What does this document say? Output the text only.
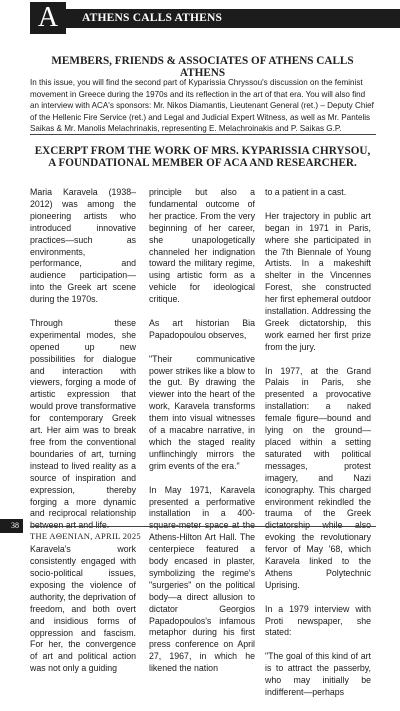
A	ATHENS CALLS ATHENS
MEMBERS, FRIENDS & ASSOCIATES OF ATHENS CALLS ATHENS
In this issue, you will find the second part of Kyparissia Chryssou's discussion on the feminist movement in Greece during the 1970s and its reflection in the art of that era. You will also find an interview with ACA's sponsors: Mr. Nikos Diamantis, Lieutenant General (ret.) – Deputy Chief of the Hellenic Fire Service (ret.) and Legal and Judicial Expert Witness, as well as Mr. Pantelis Saikas & Mr. Manolis Melachrinakis, representing E. Melachroinakis and P. Saikas G.P.
EXCERPT FROM THE WORK OF MRS. KYPARISSIA CHRYSOU, A FOUNDATIONAL MEMBER OF ACA AND RESEARCHER.

Maria Karavela (1938–2012) was among the pioneering artists who introduced innovative practices—such as environments, performance, and audience participation—into the Greek art scene during the 1970s.

Through these experimental modes, she opened up new possibilities for dialogue and interaction with viewers, forging a mode of artistic expression that would prove transformative for contemporary Greek art. Her aim was to break free from the conventional boundaries of art, turning instead to lived reality as a source of inspiration and expression, thereby forging a more dynamic and reciprocal relationship

Karavela's work consistently engaged with socio-political issues, exposing the violence of authority, the deprivation of freedom, and both overt and insidious forms of oppression and fascism. For her, the convergence of art and political action was not only a guiding

principle but also a fundamental outcome of her practice. From the very beginning of her career, she unapologetically channeled her indignation toward the military regime, using artistic form as a vehicle for ideological critique.

As art historian Bia Papadopoulou observes,

"Their communicative power strikes like a blow to the gut. By drawing the viewer into the heart of the work, Karavela transforms them into visual witnesses of a macabre narrative, in which the staged reality unflinchingly mirrors the grim events of the era."

In May 1971, Karavela presented a performative installation in a 400- Athens-Hilton Art Hall. The centerpiece featured a body encased in plaster, symbolizing the regime's "surgeries" on the political body—a direct allusion to dictator Georgios Papadopoulos's infamous metaphor during his first press conference on April 27, 1967, in which he likened the nation

to a patient in a cast.

Her trajectory in public art began in 1971 in Paris, where she participated in the 7th Biennale of Young Artists. In a makeshift shelter in the Vincennes Forest, she constructed her first ephemeral outdoor installation. Addressing the Greek dictatorship, this work earned her first prize from the jury.

In 1977, at the Grand Palais in Paris, she presented a provocative installation: a naked female figure—bound and lying on the ground—placed within a setting saturated with political messages, protest imagery, and Nazi iconography. This charged environment rekindled the trauma of the Greek evoking the revolutionary fervor of May '68, which Karavela linked to the Athens Polytechnic Uprising.

In a 1979 interview with Proti newspaper, she stated:

"The goal of this kind of art is to attract the passerby, who may initially be indifferent—perhaps

38
THE AΘENIAN, APRIL 2025
